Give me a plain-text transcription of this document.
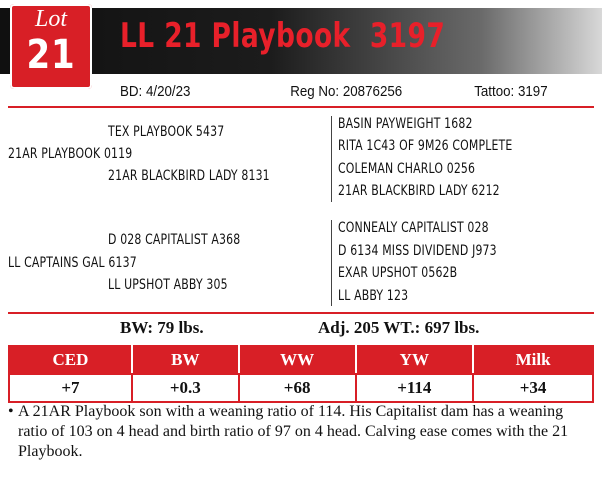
Lot
21	LL 21 Playbook  3197
BD: 4/20/23	Reg No: 20876256	Tattoo: 3197
TEX PLAYBOOK 5437
21AR PLAYBOOK 0119
21AR BLACKBIRD LADY 8131
BASIN PAYWEIGHT 1682
RITA 1C43 OF 9M26 COMPLETE
COLEMAN CHARLO 0256
21AR BLACKBIRD LADY 6212
D 028 CAPITALIST A368
LL CAPTAINS GAL 6137
LL UPSHOT ABBY 305
CONNEALY CAPITALIST 028
D 6134 MISS DIVIDEND J973
EXAR UPSHOT 0562B
LL ABBY 123
BW: 79 lbs.	Adj. 205 WT.: 697 lbs.
CED	BW	WW	YW	Milk
+7	+0.3	+68	+114	+34
• A 21AR Playbook son with a weaning ratio of 114. His Capitalist dam has a weaning ratio of 103 on 4 head and birth ratio of 97 on 4 head. Calving ease comes with the 21 Playbook.
